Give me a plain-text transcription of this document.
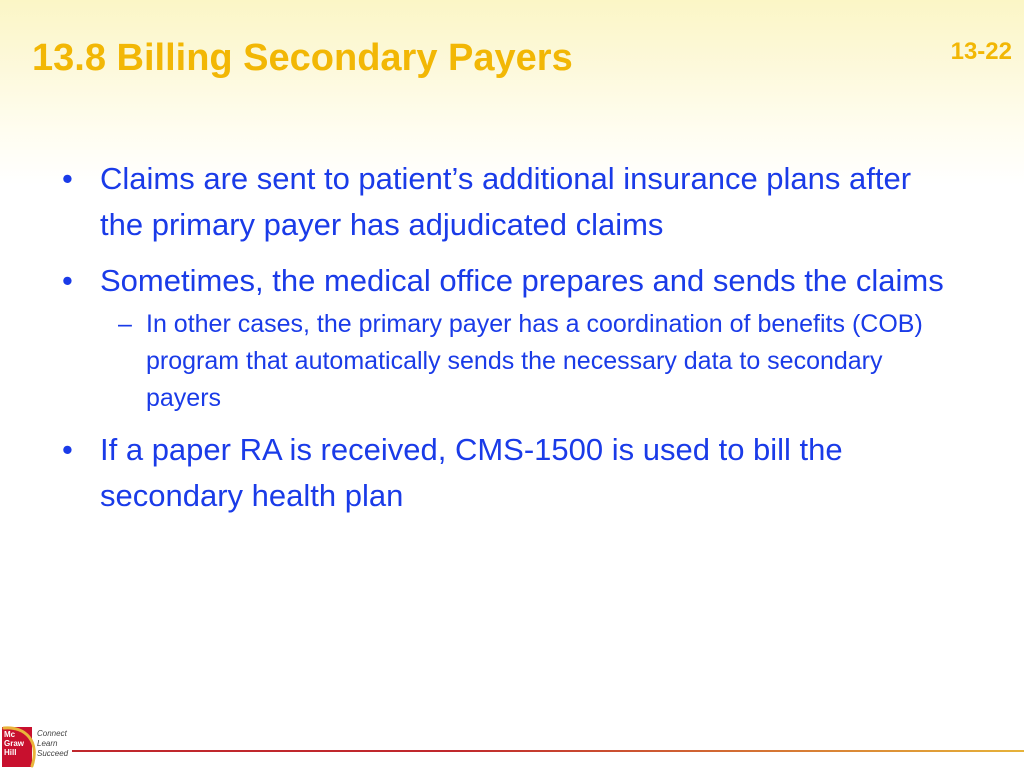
13.8 Billing Secondary Payers	13-22
• Claims are sent to patient’s additional insurance plans after the primary payer has adjudicated claims
• Sometimes, the medical office prepares and sends the claims
– In other cases, the primary payer has a coordination of benefits (COB) program that automatically sends the necessary data to secondary payers
• If a paper RA is received, CMS-1500 is used to bill the secondary health plan
Mc
Graw
Hill
Connect
Learn
Succeed
